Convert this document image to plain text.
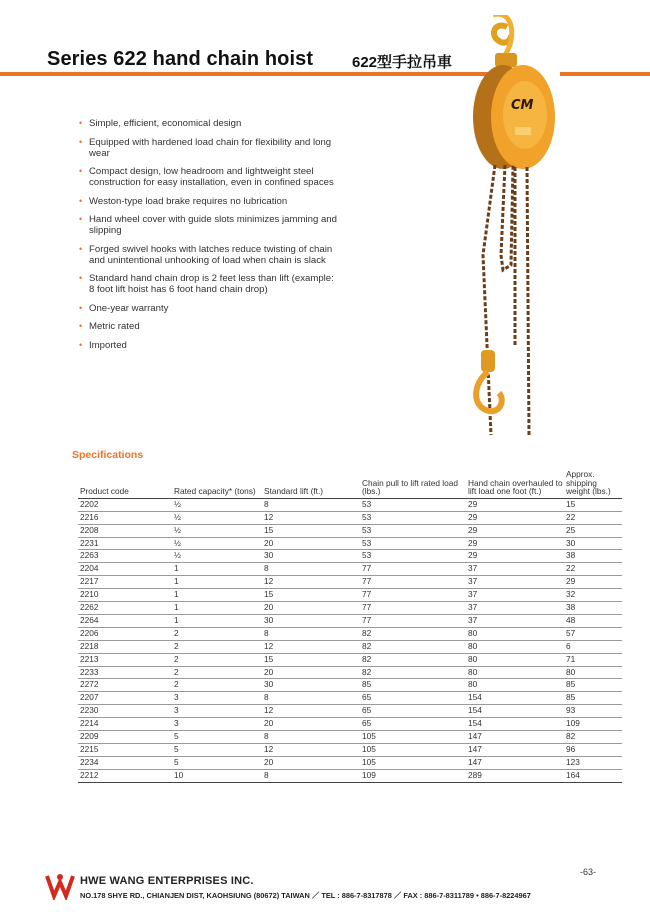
Series 622 hand chain hoist	622型手拉吊車
CM
• Simple, efficient, economical design
• Equipped with hardened load chain for flexibility and long wear
• Compact design, low headroom and lightweight steel construction for easy installation, even in confined spaces
• Weston-type load brake requires no lubrication
• Hand wheel cover with guide slots minimizes jamming and slipping
• Forged swivel hooks with latches reduce twisting of chain and unintentional unhooking of load when chain is slack
• Standard hand chain drop is 2 feet less than lift (example: 8 foot lift hoist has 6 foot hand chain drop)
• One-year warranty
• Metric rated
• Imported
Specifications
Product code	Rated capacity* (tons)	Standard lift (ft.)	Chain pull to lift rated load (lbs.)	Hand chain overhauled to lift load one foot (ft.)	Approx. shipping weight (lbs.)
2202	½	8	53	29	15
2216	½	12	53	29	22
2208	½	15	53	29	25
2231	½	20	53	29	30
2263	½	30	53	29	38
2204	1	8	77	37	22
2217	1	12	77	37	29
2210	1	15	77	37	32
2262	1	20	77	37	38
2264	1	30	77	37	48
2206	2	8	82	80	57
2218	2	12	82	80	6
2213	2	15	82	80	71
2233	2	20	82	80	80
2272	2	30	85	80	85
2207	3	8	65	154	85
2230	3	12	65	154	93
2214	3	20	65	154	109
2209	5	8	105	147	82
2215	5	12	105	147	96
2234	5	20	105	147	123
2212	10	8	109	289	164
-63-
HWE WANG ENTERPRISES INC.
NO.178 SHYE RD., CHIANJEN DIST, KAOHSIUNG (80672) TAIWAN ／ TEL : 886-7-8317878 ／ FAX : 886-7-8311789 • 886-7-8224967
